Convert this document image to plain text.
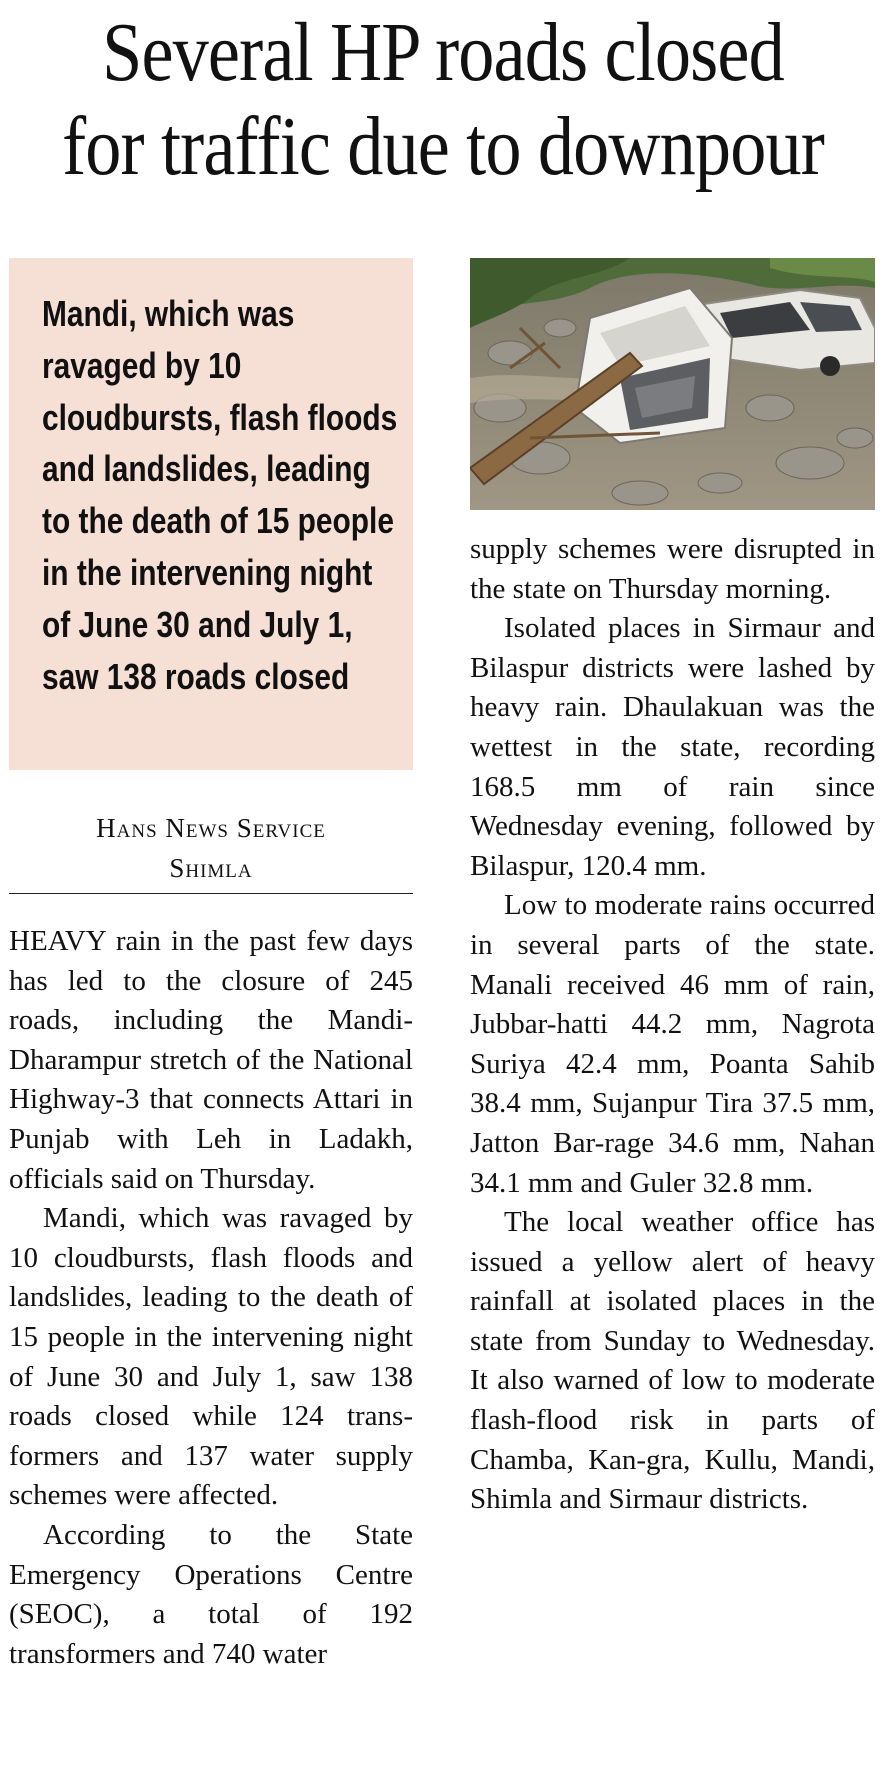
Several HP roads closed
for traffic due to downpour

Mandi, which was ravaged by 10 cloudbursts, flash floods and landslides, leading to the death of 15 people in the intervening night of June 30 and July 1, saw 138 roads closed

Hans News Service
Shimla

HEAVY rain in the past few days has led to the closure of 245 roads, including the Mandi-Dharampur stretch of the National Highway-3 that connects Attari in Punjab with Leh in Ladakh, officials said on Thursday.

Mandi, which was ravaged by 10 cloudbursts, flash floods and landslides, leading to the death of 15 people in the intervening night of June 30 and July 1, saw 138 roads closed while 124 transformers and 137 water supply schemes were affected.

According to the State Emergency Operations Centre (SEOC), a total of 192 transformers and 740 water

supply schemes were disrupted in the state on Thursday morning.

Isolated places in Sirmaur and Bilaspur districts were lashed by heavy rain. Dhaulakuan was the wettest in the state, recording 168.5 mm of rain since Wednesday evening, followed by Bilaspur, 120.4 mm.

Low to moderate rains occurred in several parts of the state. Manali received 46 mm of rain, Jubbar-hatti 44.2 mm, Nagrota Suriya 42.4 mm, Poanta Sahib 38.4 mm, Sujanpur Tira 37.5 mm, Jatton Bar-rage 34.6 mm, Nahan 34.1 mm and Guler 32.8 mm.

The local weather office has issued a yellow alert of heavy rainfall at isolated places in the state from Sunday to Wednesday. It also warned of low to moderate flash-flood risk in parts of Chamba, Kan-gra, Kullu, Mandi, Shimla and Sirmaur districts.
